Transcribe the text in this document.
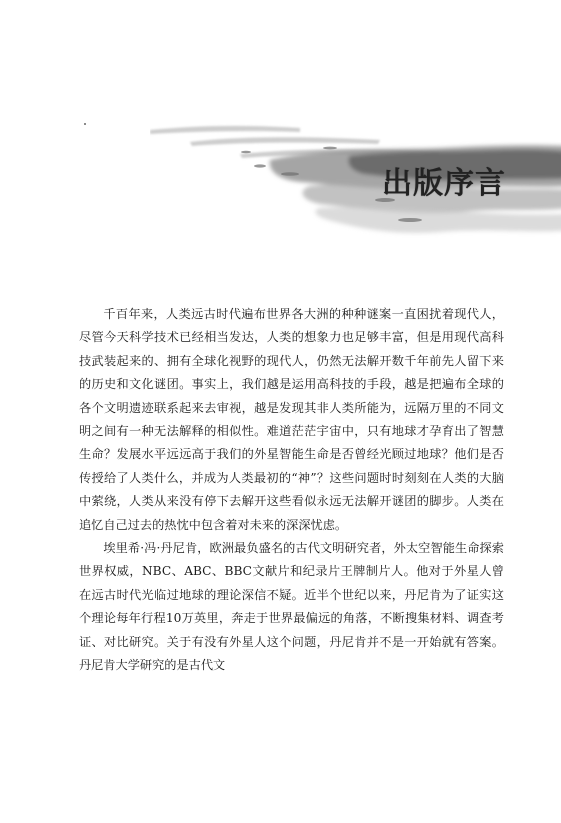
出版序言

千百年来，人类远古时代遍布世界各大洲的种种谜案一直困扰着现代人，尽管今天科学技术已经相当发达，人类的想象力也足够丰富，但是用现代高科技武装起来的、拥有全球化视野的现代人，仍然无法解开数千年前先人留下来的历史和文化谜团。事实上，我们越是运用高科技的手段，越是把遍布全球的各个文明遗迹联系起来去审视，越是发现其非人类所能为，远隔万里的不同文明之间有一种无法解释的相似性。难道茫茫宇宙中，只有地球才孕育出了智慧生命？发展水平远远高于我们的外星智能生命是否曾经光顾过地球？他们是否传授给了人类什么，并成为人类最初的“神”？这些问题时时刻刻在人类的大脑中萦绕，人类从来没有停下去解开这些看似永远无法解开谜团的脚步。人类在追忆自己过去的热忱中包含着对未来的深深忧虑。

埃里希·冯·丹尼肯，欧洲最负盛名的古代文明研究者，外太空智能生命探索世界权威，NBC、ABC、BBC文献片和纪录片王牌制片人。他对于外星人曾在远古时代光临过地球的理论深信不疑。近半个世纪以来，丹尼肯为了证实这个理论每年行程10万英里，奔走于世界最偏远的角落，不断搜集材料、调查考证、对比研究。关于有没有外星人这个问题，丹尼肯并不是一开始就有答案。丹尼肯大学研究的是古代文
